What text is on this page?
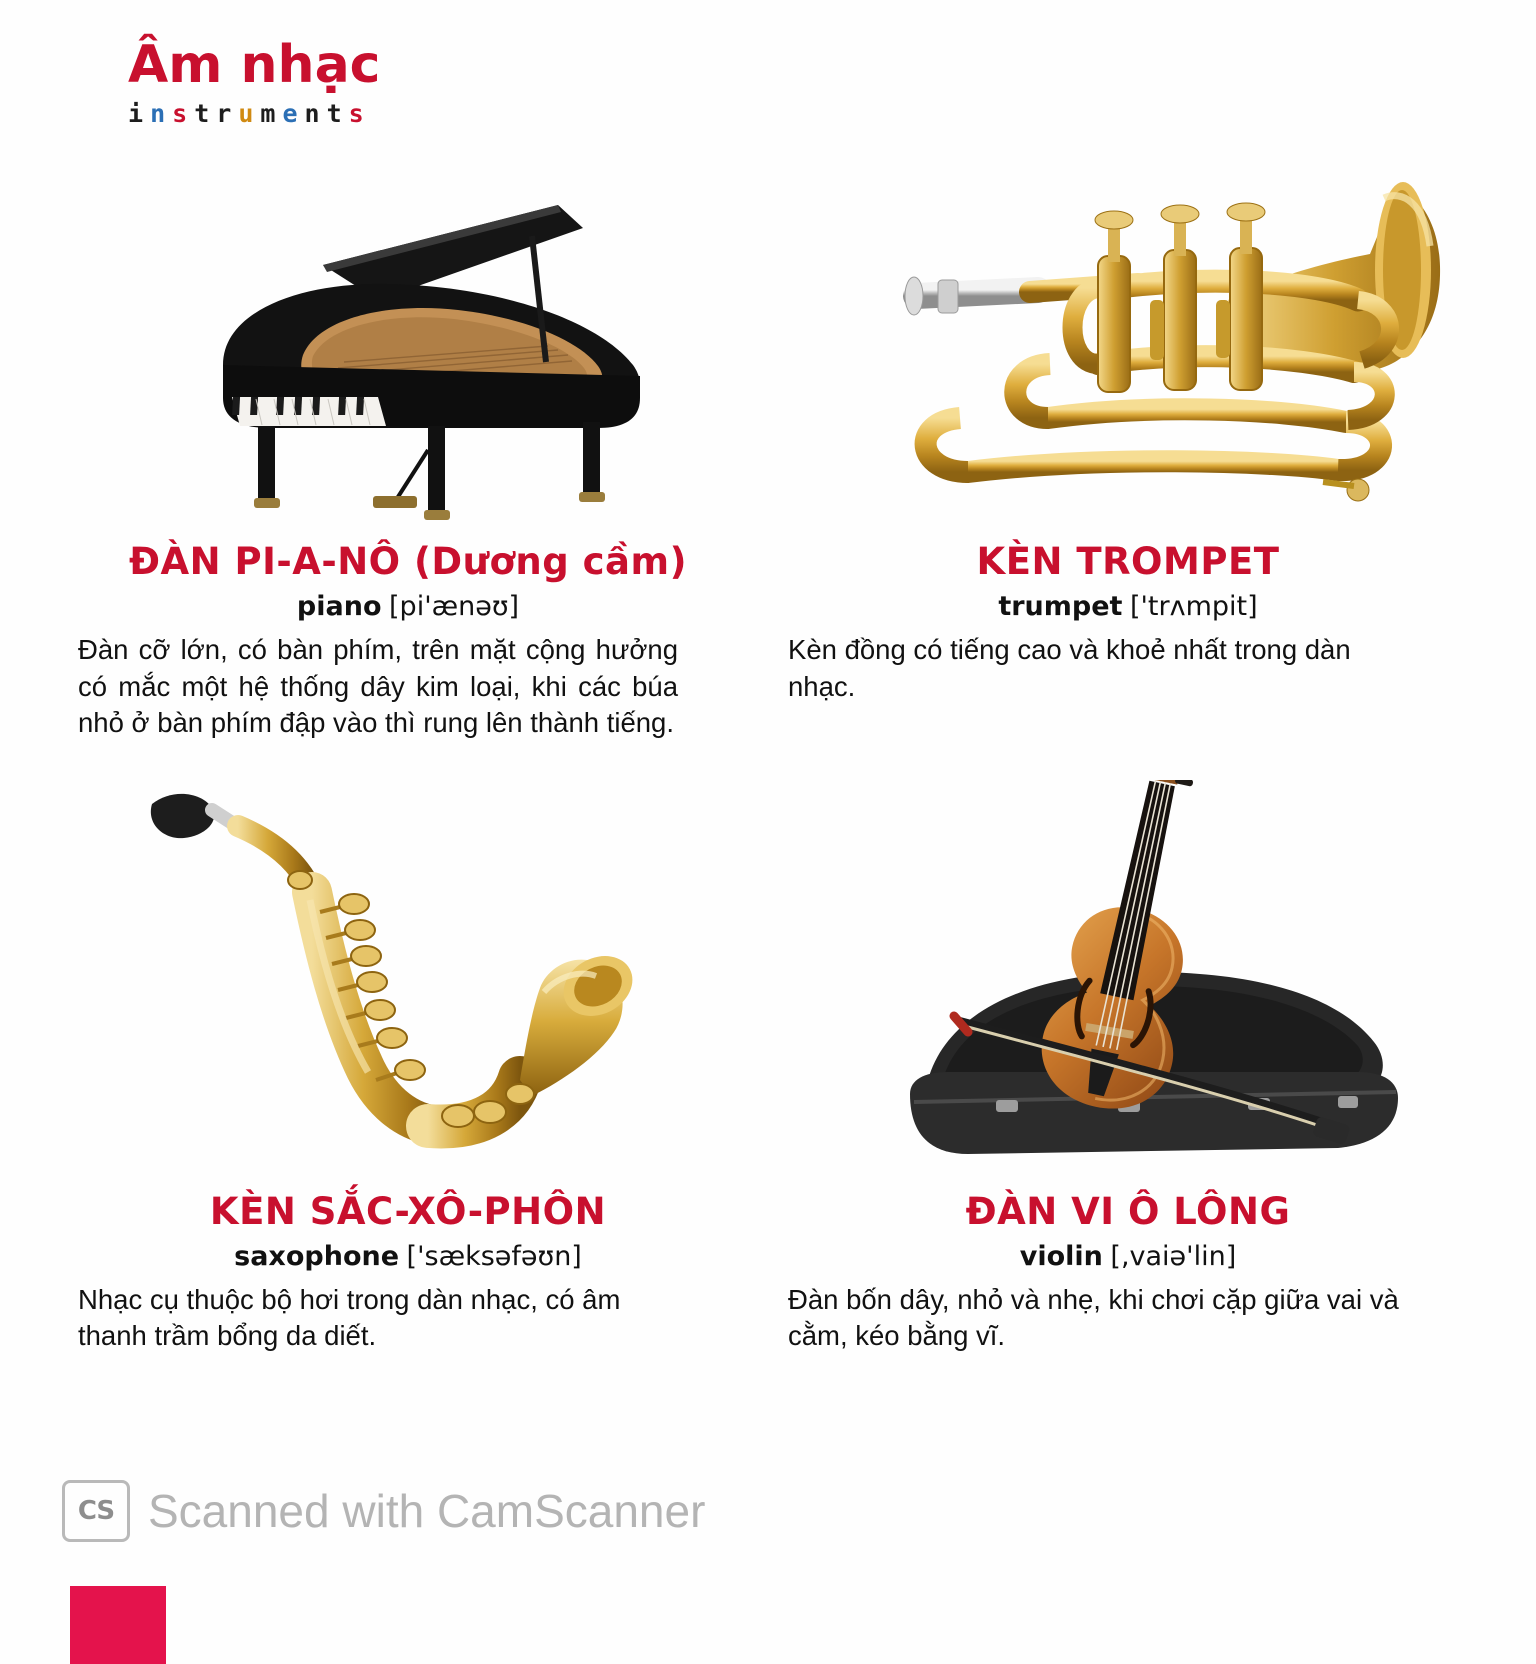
Âm nhạc
instruments
ĐÀN PI-A-NÔ (Dương cầm)
piano [pi'ænəʊ]
Đàn cỡ lớn, có bàn phím, trên mặt cộng hưởng có mắc một hệ thống dây kim loại, khi các búa nhỏ ở bàn phím đập vào thì rung lên thành tiếng.
KÈN TROMPET
trumpet ['trʌmpit]
Kèn đồng có tiếng cao và khoẻ nhất trong dàn nhạc.
KÈN SẮC-XÔ-PHÔN
saxophone ['sæksəfəʊn]
Nhạc cụ thuộc bộ hơi trong dàn nhạc, có âm thanh trầm bổng da diết.
ĐÀN VI Ô LÔNG
violin [,vaiə'lin]
Đàn bốn dây, nhỏ và nhẹ, khi chơi cặp giữa vai và cằm, kéo bằng vĩ.
CS Scanned with CamScanner
